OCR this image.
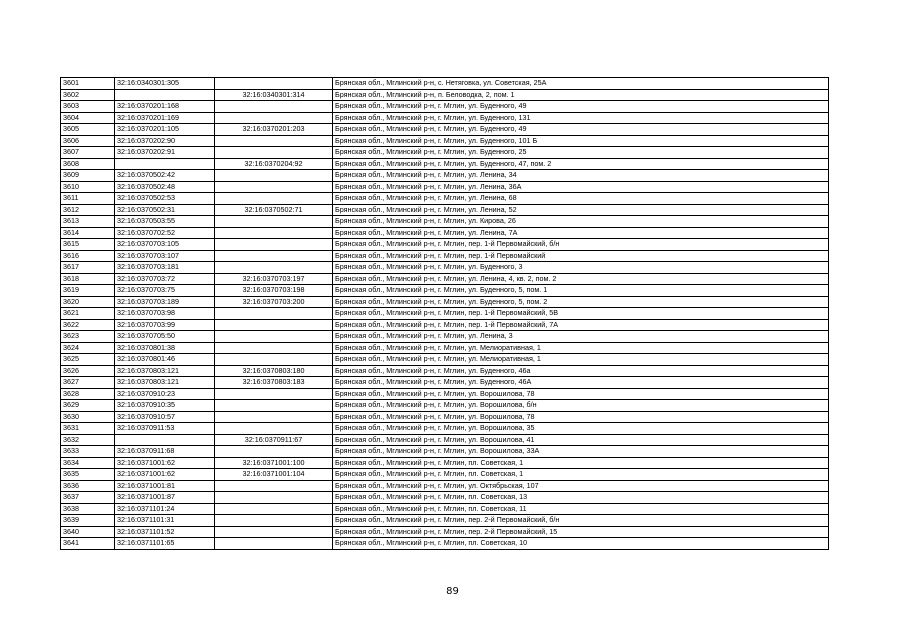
3601	32:16:0340301:305		Брянская обл., Мглинский р-н, с. Нетяговка, ул. Советская, 25А
3602		32:16:0340301:314	Брянская обл., Мглинский р-н, п. Беловодка, 2, пом. 1
3603	32:16:0370201:168		Брянская обл., Мглинский р-н, г. Мглин, ул. Буденного, 49
3604	32:16:0370201:169		Брянская обл., Мглинский р-н, г. Мглин, ул. Буденного, 131
3605	32:16:0370201:105	32:16:0370201:203	Брянская обл., Мглинский р-н, г. Мглин, ул. Буденного, 49
3606	32:16:0370202:90		Брянская обл., Мглинский р-н, г. Мглин, ул. Буденного, 101 Б
3607	32:16:0370202:91		Брянская обл., Мглинский р-н, г. Мглин, ул. Буденного, 25
3608		32:16:0370204:92	Брянская обл., Мглинский р-н, г. Мглин, ул. Буденного, 47, пом. 2
3609	32:16:0370502:42		Брянская обл., Мглинский р-н, г. Мглин, ул. Ленина, 34
3610	32:16:0370502:48		Брянская обл., Мглинский р-н, г. Мглин, ул. Ленина, 36А
3611	32:16:0370502:53		Брянская обл., Мглинский р-н, г. Мглин, ул. Ленина, 68
3612	32:16:0370502:31	32:16:0370502:71	Брянская обл., Мглинский р-н, г. Мглин, ул. Ленина, 52
3613	32:16:0370503:55		Брянская обл., Мглинский р-н, г. Мглин, ул. Кирова, 26
3614	32:16:0370702:52		Брянская обл., Мглинский р-н, г. Мглин, ул. Ленина, 7А
3615	32:16:0370703:105		Брянская обл., Мглинский р-н, г. Мглин, пер. 1-й Первомайский, б/н
3616	32:16:0370703:107		Брянская обл., Мглинский р-н, г. Мглин, пер. 1-й Первомайский
3617	32:16:0370703:181		Брянская обл., Мглинский р-н, г. Мглин, ул. Буденного, 3
3618	32:16:0370703:72	32:16:0370703:197	Брянская обл., Мглинский р-н, г. Мглин, ул. Ленина, 4, кв. 2, пом. 2
3619	32:16:0370703:75	32:16:0370703:198	Брянская обл., Мглинский р-н, г. Мглин, ул. Буденного, 5, пом. 1
3620	32:16:0370703:189	32:16:0370703:200	Брянская обл., Мглинский р-н, г. Мглин, ул. Буденного, 5, пом. 2
3621	32:16:0370703:98		Брянская обл., Мглинский р-н, г. Мглин, пер. 1-й Первомайский, 5В
3622	32:16:0370703:99		Брянская обл., Мглинский р-н, г. Мглин, пер. 1-й Первомайский, 7А
3623	32:16:0370705:50		Брянская обл., Мглинский р-н, г. Мглин, ул. Ленина, 3
3624	32:16:0370801:38		Брянская обл., Мглинский р-н, г. Мглин, ул. Мелиоративная, 1
3625	32:16:0370801:46		Брянская обл., Мглинский р-н, г. Мглин, ул. Мелиоративная, 1
3626	32:16:0370803:121	32:16:0370803:180	Брянская обл., Мглинский р-н, г. Мглин, ул. Буденного, 46а
3627	32:16:0370803:121	32:16:0370803:183	Брянская обл., Мглинский р-н, г. Мглин, ул. Буденного, 46А
3628	32:16:0370910:23		Брянская обл., Мглинский р-н, г. Мглин, ул. Ворошилова, 78
3629	32:16:0370910:35		Брянская обл., Мглинский р-н, г. Мглин, ул. Ворошилова, б/н
3630	32:16:0370910:57		Брянская обл., Мглинский р-н, г. Мглин, ул. Ворошилова, 78
3631	32:16:0370911:53		Брянская обл., Мглинский р-н, г. Мглин, ул. Ворошилова, 35
3632		32:16:0370911:67	Брянская обл., Мглинский р-н, г. Мглин, ул. Ворошилова, 41
3633	32:16:0370911:68		Брянская обл., Мглинский р-н, г. Мглин, ул. Ворошилова, 33А
3634	32:16:0371001:62	32:16:0371001:100	Брянская обл., Мглинский р-н, г. Мглин, пл. Советская, 1
3635	32:16:0371001:62	32:16:0371001:104	Брянская обл., Мглинский р-н, г. Мглин, пл. Советская, 1
3636	32:16:0371001:81		Брянская обл., Мглинский р-н, г. Мглин, ул. Октябрьская, 107
3637	32:16:0371001:87		Брянская обл., Мглинский р-н, г. Мглин, пл. Советская, 13
3638	32:16:0371101:24		Брянская обл., Мглинский р-н, г. Мглин, пл. Советская, 11
3639	32:16:0371101:31		Брянская обл., Мглинский р-н, г. Мглин, пер. 2-й Первомайский, б/н
3640	32:16:0371101:52		Брянская обл., Мглинский р-н, г. Мглин, пер. 2-й Первомайский, 15
3641	32:16:0371101:65		Брянская обл., Мглинский р-н, г. Мглин, пл. Советская, 10
89
